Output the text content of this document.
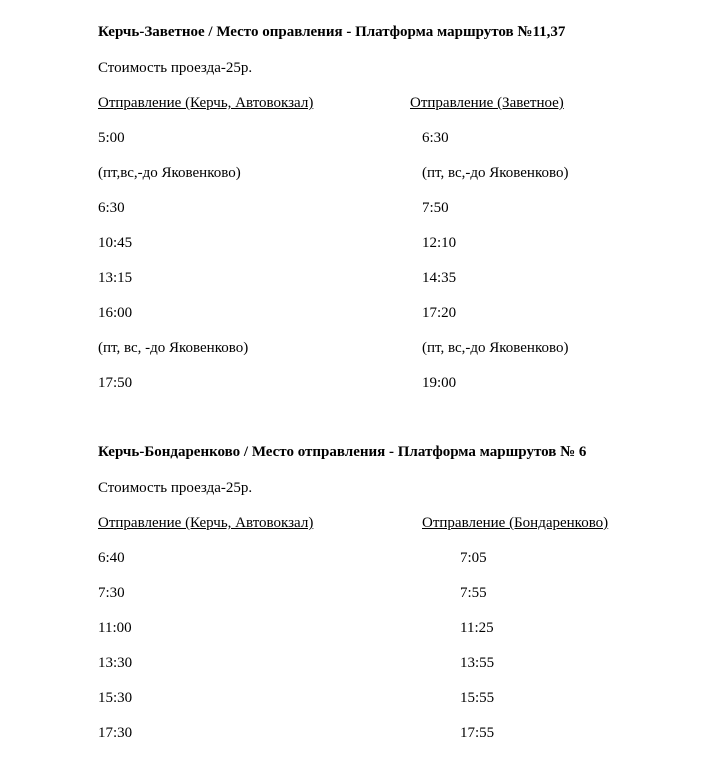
Керчь-Заветное / Место оправления - Платформа маршрутов №11,37
Стоимость проезда-25р.
Отправление (Керчь, Автовокзал)	Отправление (Заветное)
5:00
(пт,вс,-до Яковенково)
6:30
10:45
13:15
16:00
(пт, вс, -до Яковенково)
17:50
6:30
(пт, вс,-до Яковенково)
7:50
12:10
14:35
17:20
(пт, вс,-до Яковенково)
19:00
Керчь-Бондаренково / Место отправления - Платформа маршрутов № 6
Стоимость проезда-25р.
Отправление (Керчь, Автовокзал)	Отправление (Бондаренково)
6:40
7:30
11:00
13:30
15:30
17:30
7:05
7:55
11:25
13:55
15:55
17:55
